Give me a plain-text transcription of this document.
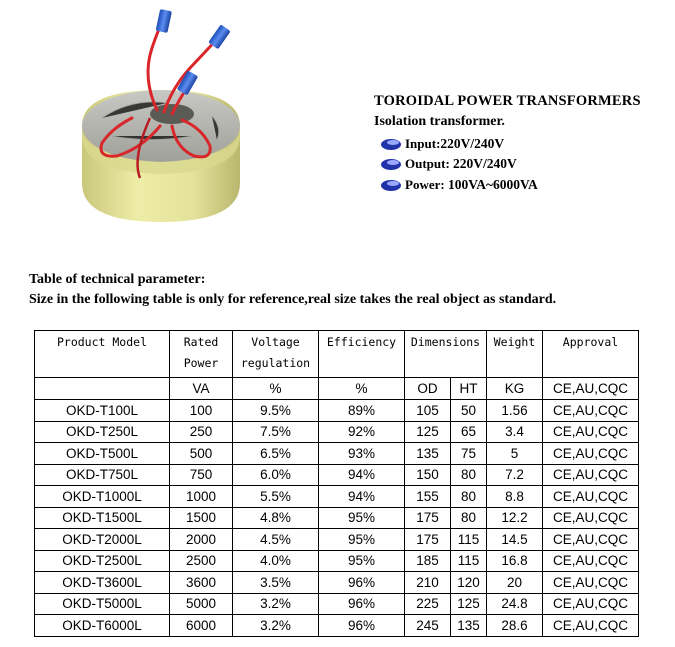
TOROIDAL POWER TRANSFORMERS
Isolation transformer.
Input: 220V/240V
Output: 220V/240V
Power: 100VA~6000VA
Table of technical parameter:
Size in the following table is only for reference,real size takes the real object as standard.
Product Model	Rated	Voltage	Efficiency	Dimensions		Weight	Approval
	Power	regulation					
	VA	%	%	OD	HT	KG	CE,AU,CQC
OKD-T100L	100	9.5%	89%	105	50	1.56	CE,AU,CQC
OKD-T250L	250	7.5%	92%	125	65	3.4	CE,AU,CQC
OKD-T500L	500	6.5%	93%	135	75	5	CE,AU,CQC
OKD-T750L	750	6.0%	94%	150	80	7.2	CE,AU,CQC
OKD-T1000L	1000	5.5%	94%	155	80	8.8	CE,AU,CQC
OKD-T1500L	1500	4.8%	95%	175	80	12.2	CE,AU,CQC
OKD-T2000L	2000	4.5%	95%	175	115	14.5	CE,AU,CQC
OKD-T2500L	2500	4.0%	95%	185	115	16.8	CE,AU,CQC
OKD-T3600L	3600	3.5%	96%	210	120	20	CE,AU,CQC
OKD-T5000L	5000	3.2%	96%	225	125	24.8	CE,AU,CQC
OKD-T6000L	6000	3.2%	96%	245	135	28.6	CE,AU,CQC
